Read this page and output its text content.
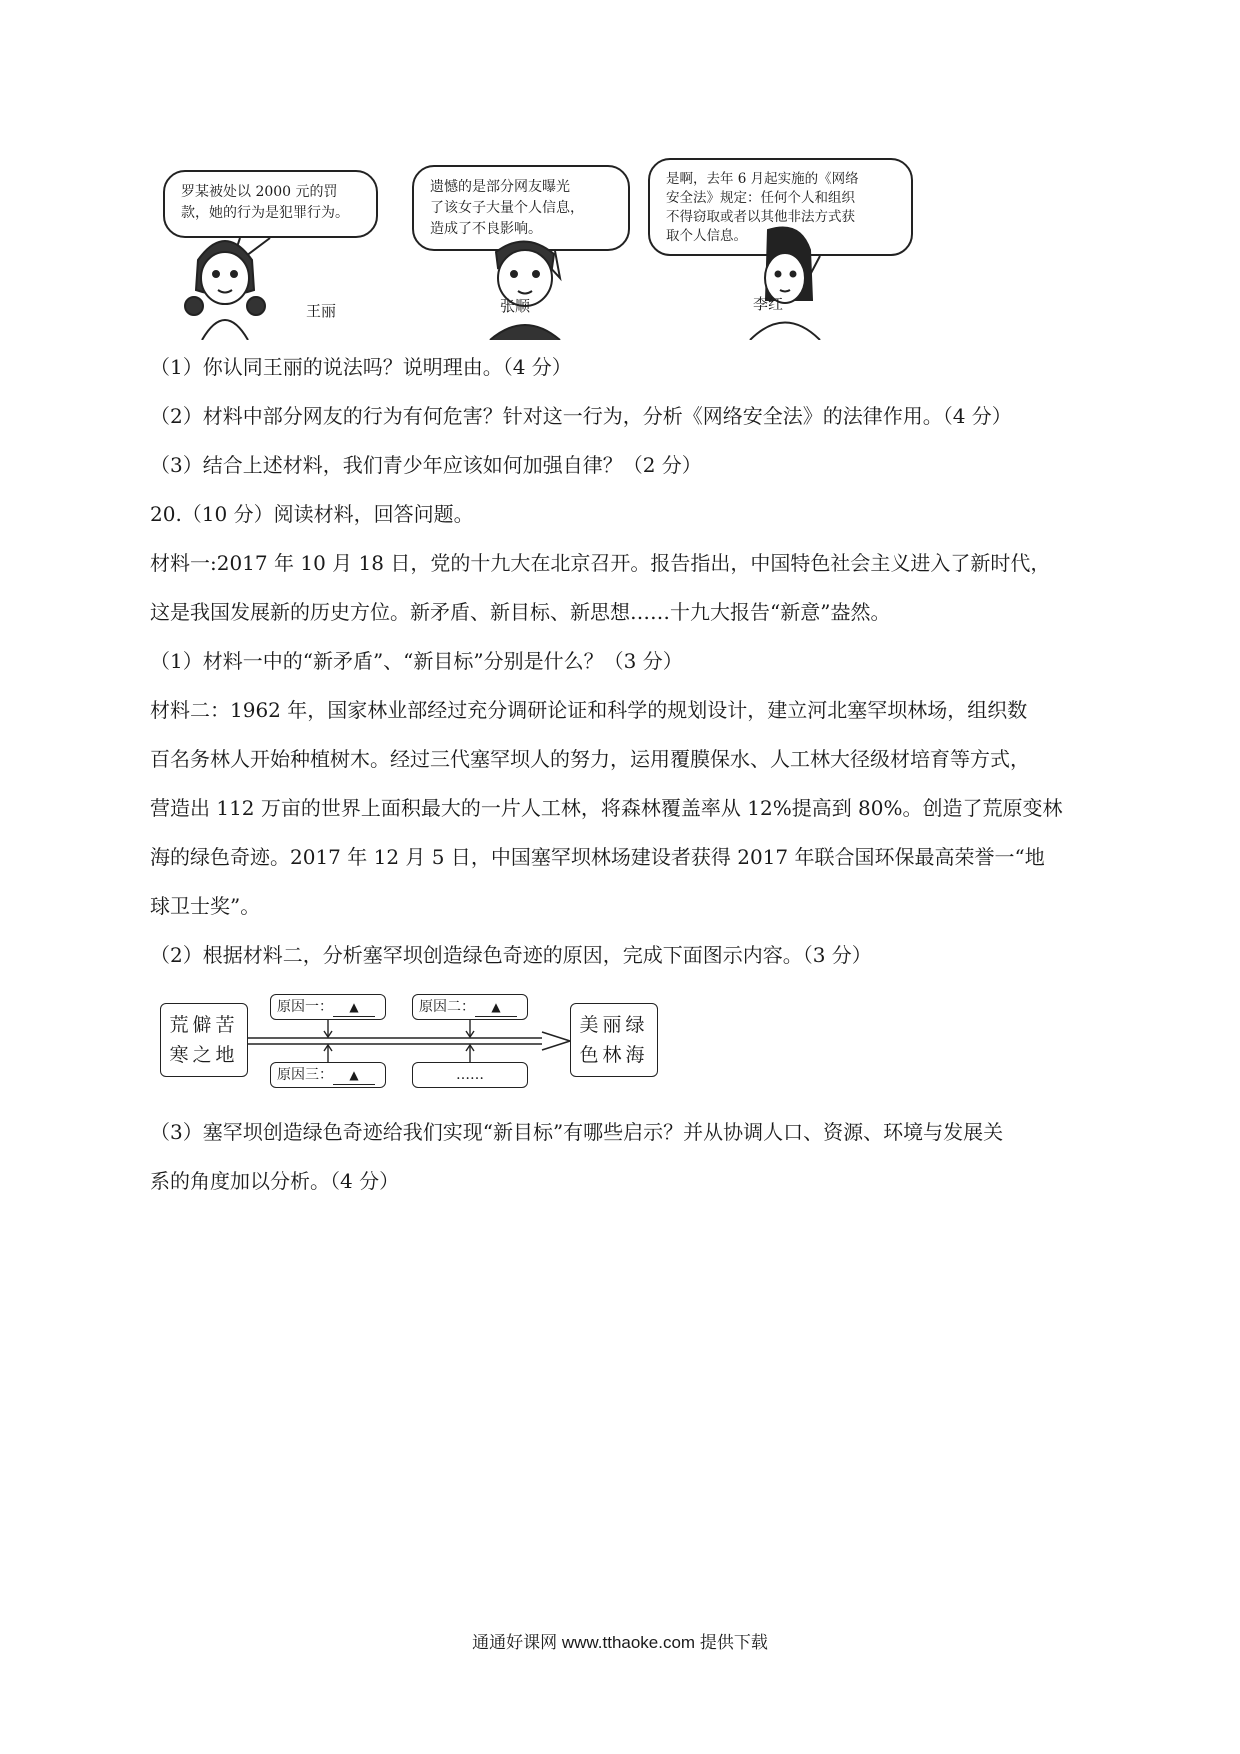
罗某被处以 2000 元的罚
款，她的行为是犯罪行为。
遗憾的是部分网友曝光
了该女子大量个人信息，
造成了不良影响。
是啊，去年 6 月起实施的《网络
安全法》规定：任何个人和组织
不得窃取或者以其他非法方式获
取个人信息。
王丽	张顺	李红
（1）你认同王丽的说法吗？说明理由。（4 分）
（2）材料中部分网友的行为有何危害？针对这一行为，分析《网络安全法》的法律作用。（4 分）
（3）结合上述材料，我们青少年应该如何加强自律？（2 分）
20.（10 分）阅读材料，回答问题。
材料一:2017 年 10 月 18 日，党的十九大在北京召开。报告指出，中国特色社会主义进入了新时代，
这是我国发展新的历史方位。新矛盾、新目标、新思想……十九大报告“新意”盎然。
（1）材料一中的“新矛盾”、“新目标”分别是什么？（3 分）
材料二：1962 年，国家林业部经过充分调研论证和科学的规划设计，建立河北塞罕坝林场，组织数
百名务林人开始种植树木。经过三代塞罕坝人的努力，运用覆膜保水、人工林大径级材培育等方式，
营造出 112 万亩的世界上面积最大的一片人工林，将森林覆盖率从 12%提高到 80%。创造了荒原变林
海的绿色奇迹。2017 年 12 月 5 日，中国塞罕坝林场建设者获得 2017 年联合国环保最高荣誉一“地
球卫士奖”。
（2）根据材料二，分析塞罕坝创造绿色奇迹的原因，完成下面图示内容。（3 分）
荒僻苦
寒之地
原因一： ▲	原因二： ▲
原因三： ▲	……
美丽绿
色林海
（3）塞罕坝创造绿色奇迹给我们实现“新目标”有哪些启示？并从协调人口、资源、环境与发展关
系的角度加以分析。（4 分）
通通好课网 www.tthaoke.com 提供下载
